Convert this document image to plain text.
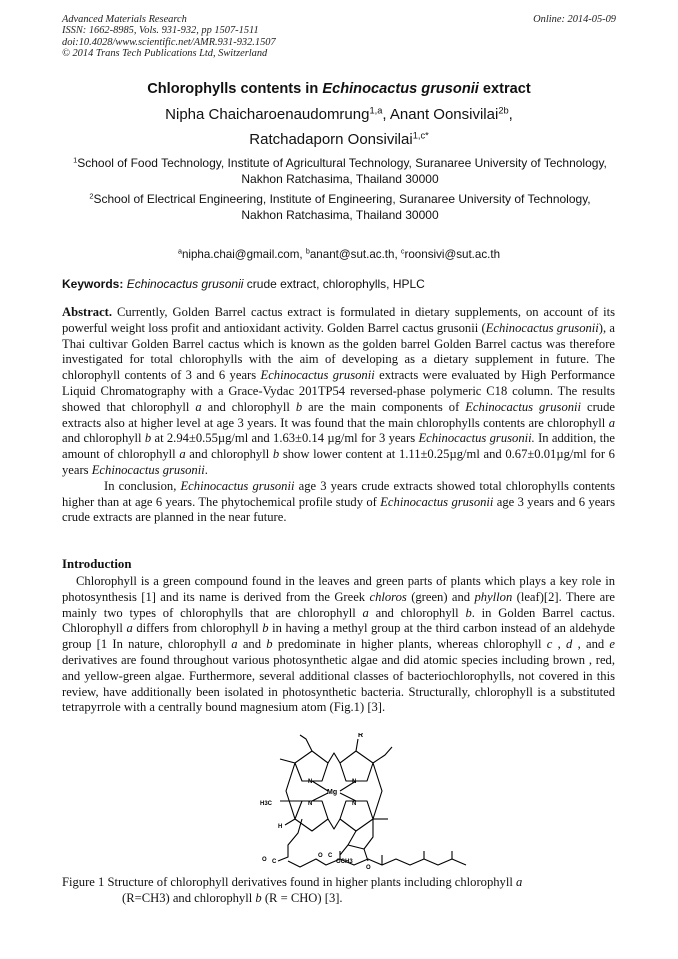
Advanced Materials Research
ISSN: 1662-8985, Vols. 931-932, pp 1507-1511
doi:10.4028/www.scientific.net/AMR.931-932.1507
© 2014 Trans Tech Publications Ltd, Switzerland
Online: 2014-05-09
Chlorophylls contents in Echinocactus grusonii extract
Nipha Chaicharoenaudomrung$^{1,a}$, Anant Oonsivilai$^{2b}$,
Ratchadaporn Oonsivilai$^{1,c*}$
$^1$School of Food Technology, Institute of Agricultural Technology, Suranaree University of Technology, Nakhon Ratchasima, Thailand 30000
$^2$School of Electrical Engineering, Institute of Engineering, Suranaree University of Technology, Nakhon Ratchasima, Thailand 30000
$^a$nipha.chai@gmail.com, $^b$anant@sut.ac.th, $^c$roonsivi@sut.ac.th
Keywords: Echinocactus grusonii crude extract, chlorophylls, HPLC
Abstract. Currently, Golden Barrel cactus extract is formulated in dietary supplements, on account of its powerful weight loss profit and antioxidant activity. Golden Barrel cactus grusonii (Echinocactus grusonii), a Thai cultivar Golden Barrel cactus which is known as the golden barrel Golden Barrel cactus was therefore investigated for total chlorophylls with the aim of developing as a dietary supplement in future. The chlorophyll contents of 3 and 6 years Echinocactus grusonii extracts were evaluated by High Performance Liquid Chromatography with a Grace-Vydac 201TP54 reversed-phase polymeric C18 column. The results showed that chlorophyll a and chlorophyll b are the main components of Echinocactus grusonii crude extracts also at higher level at age 3 years. It was found that the main chlorophylls contents are chlorophyll a and chlorophyll b at 2.94±0.55µg/ml and 1.63±0.14 µg/ml for 3 years Echinocactus grusonii. In addition, the amount of chlorophyll a and chlorophyll b show lower content at 1.11±0.25µg/ml and 0.67±0.01µg/ml for 6 years Echinocactus grusonii.
In conclusion, Echinocactus grusonii age 3 years crude extracts showed total chlorophylls contents higher than at age 6 years. The phytochemical profile study of Echinocactus grusonii age 3 years and 6 years crude extracts are planned in the near future.
Introduction
Chlorophyll is a green compound found in the leaves and green parts of plants which plays a key role in photosynthesis [1] and its name is derived from the Greek chloros (green) and phyllon (leaf)[2]. There are mainly two types of chlorophylls that are chlorophyll a and chlorophyll b. in Golden Barrel cactus. Chlorophyll a differs from chlorophyll b in having a methyl group at the third carbon instead of an aldehyde group [1 In nature, chlorophyll a and b predominate in higher plants, whereas chlorophyll c , d , and e derivatives are found throughout various photosynthetic algae and did atomic species including brown , red, and yellow-green algae. Furthermore, several additional classes of bacteriochlorophylls, not covered in this review, have additionally been isolated in photosynthetic bacteria. Structurally, chlorophyll is a substituted tetrapyrrole with a centrally bound magnesium atom (Fig.1) [3].
R
Mg
N	N
N
N
H3C
H
O
O C
OCH3
O C
Figure 1 Structure of chlorophyll derivatives found in higher plants including chlorophyll a
(R=CH3) and chlorophyll b (R = CHO) [3].
